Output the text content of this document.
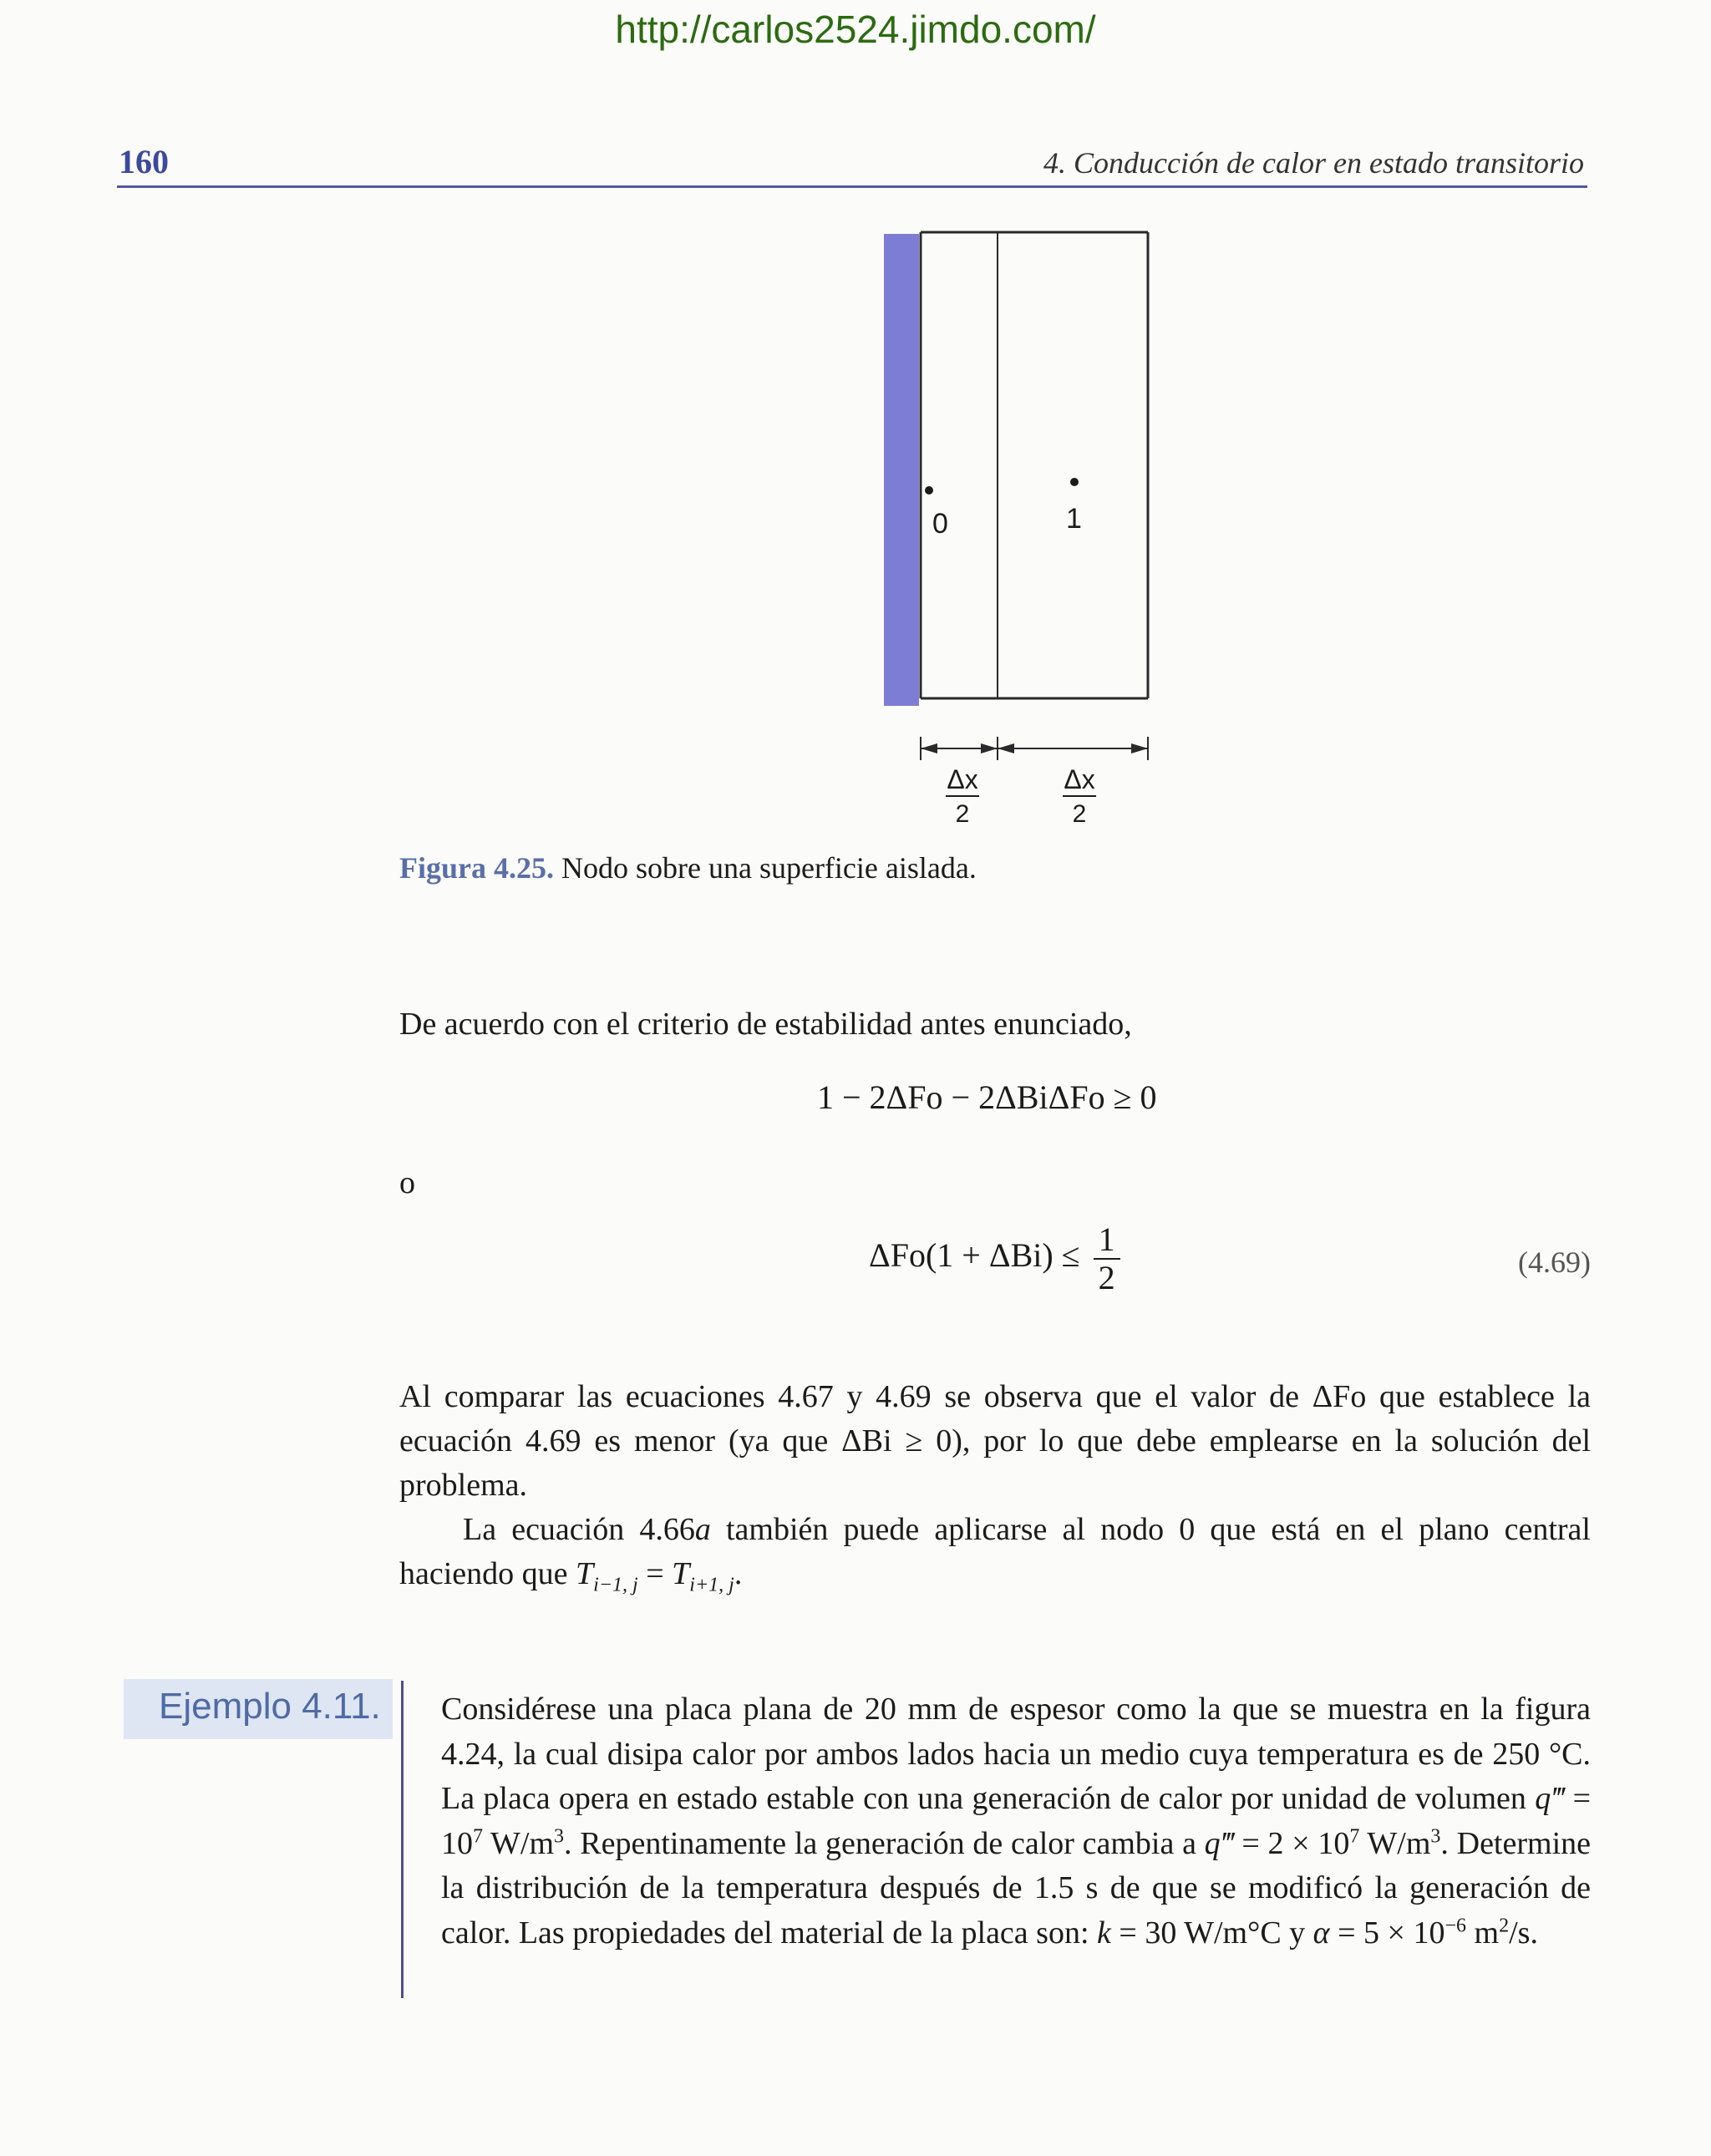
http://carlos2524.jimdo.com/
160	4. Conducción de calor en estado transitorio
0	1
Δx
2
Δx
2
Figura 4.25. Nodo sobre una superficie aislada.
De acuerdo con el criterio de estabilidad antes enunciado,
1 − 2ΔFo − 2ΔBiΔFo ≥ 0
o
$\Delta Fo(1 + \Delta Bi) \le \frac{1}{2}$	(4.69)
Al comparar las ecuaciones 4.67 y 4.69 se observa que el valor de ΔFo que establece la ecuación 4.69 es menor (ya que ΔBi ≥ 0), por lo que debe emplearse en la solución del problema.
La ecuación 4.66a también puede aplicarse al nodo 0 que está en el plano central haciendo que $T_{i-1, j} = T_{i+1, j}$.
Ejemplo 4.11. Considérese una placa plana de 20 mm de espesor como la que se muestra en la figura 4.24, la cual disipa calor por ambos lados hacia un medio cuya temperatura es de 250 °C. La placa opera en estado estable con una generación de calor por unidad de volumen q‴ = $10^7$ $W/m^3$. Repentinamente la generación de calor cambia a q‴ = $2 \times 10^7$ $W/m^3$. Determine la distribución de la temperatura después de 1.5 s de que se modificó la generación de calor. Las propiedades del material de la placa son: k = 30 W/m°C y $\alpha = 5 \times 10^{-6}$ $m^2/s$.
